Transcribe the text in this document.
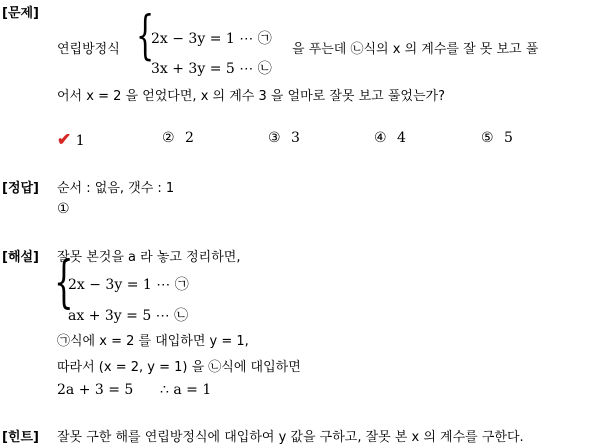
[문제]
연립방정식 {
2x − 3y = 1 ⋯ ㉠
3x + 3y = 5 ⋯ ㉡
을 푸는데 ㉡식의 x 의 계수를 잘 못 보고 풀
어서 x = 2 을 얻었다면, x 의 계수 3 을 얼마로 잘못 보고 풀었는가?
✔ 1	② 2	③ 3	④ 4	⑤ 5
[정답] 순서 : 없음, 갯수 : 1
①
[해설] 잘못 본것을 a 라 놓고 정리하면,
{
2x − 3y = 1 ⋯ ㉠
ax + 3y = 5 ⋯ ㉡
㉠식에 x = 2 를 대입하면 y = 1,
따라서 (x = 2, y = 1) 을 ㉡식에 대입하면
2a + 3 = 5 ∴ a = 1
[힌트] 잘못 구한 해를 연립방정식에 대입하여 y 값을 구하고, 잘못 본 x 의 계수를 구한다.
